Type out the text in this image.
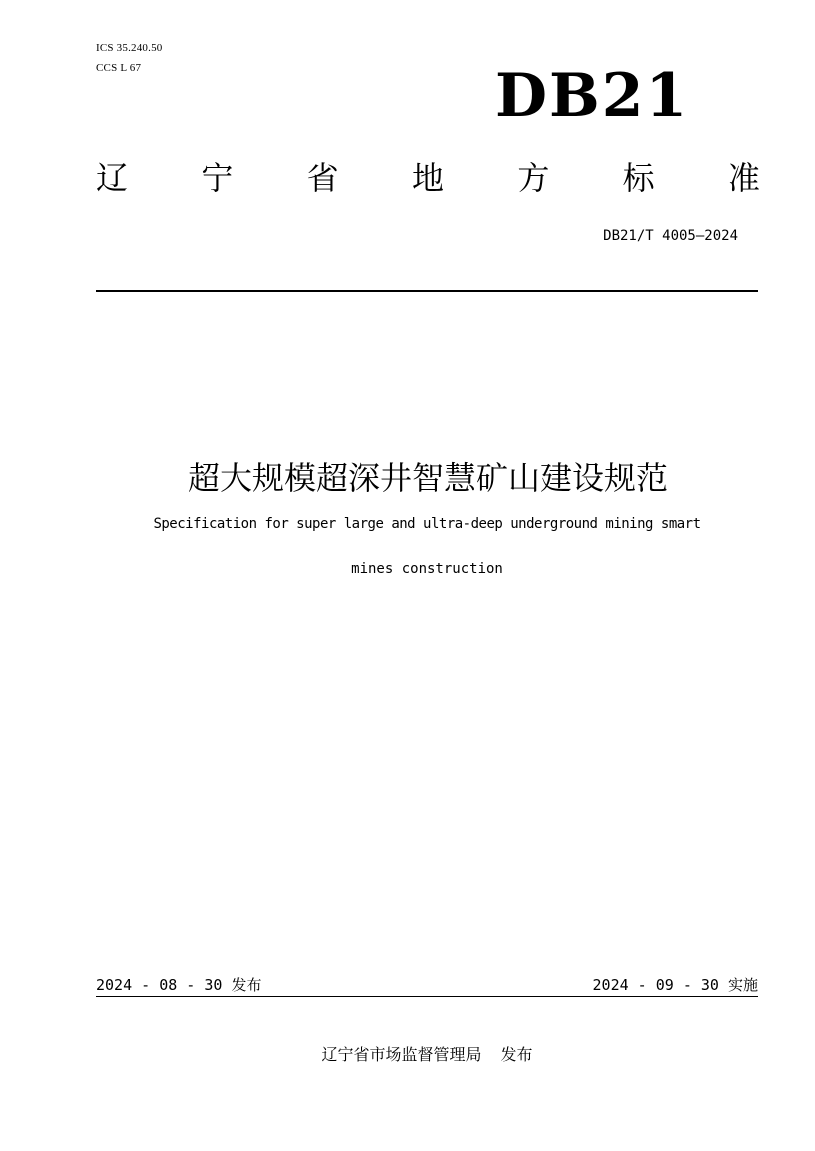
ICS 35.240.50
CCS L 67	DB21
辽 宁 省 地 方 标 准
DB21/T 4005—2024
超大规模超深井智慧矿山建设规范
Specification for super large and ultra-deep underground mining smart
mines construction
2024 - 08 - 30 发布	2024 - 09 - 30 实施
辽宁省市场监督管理局 发布
